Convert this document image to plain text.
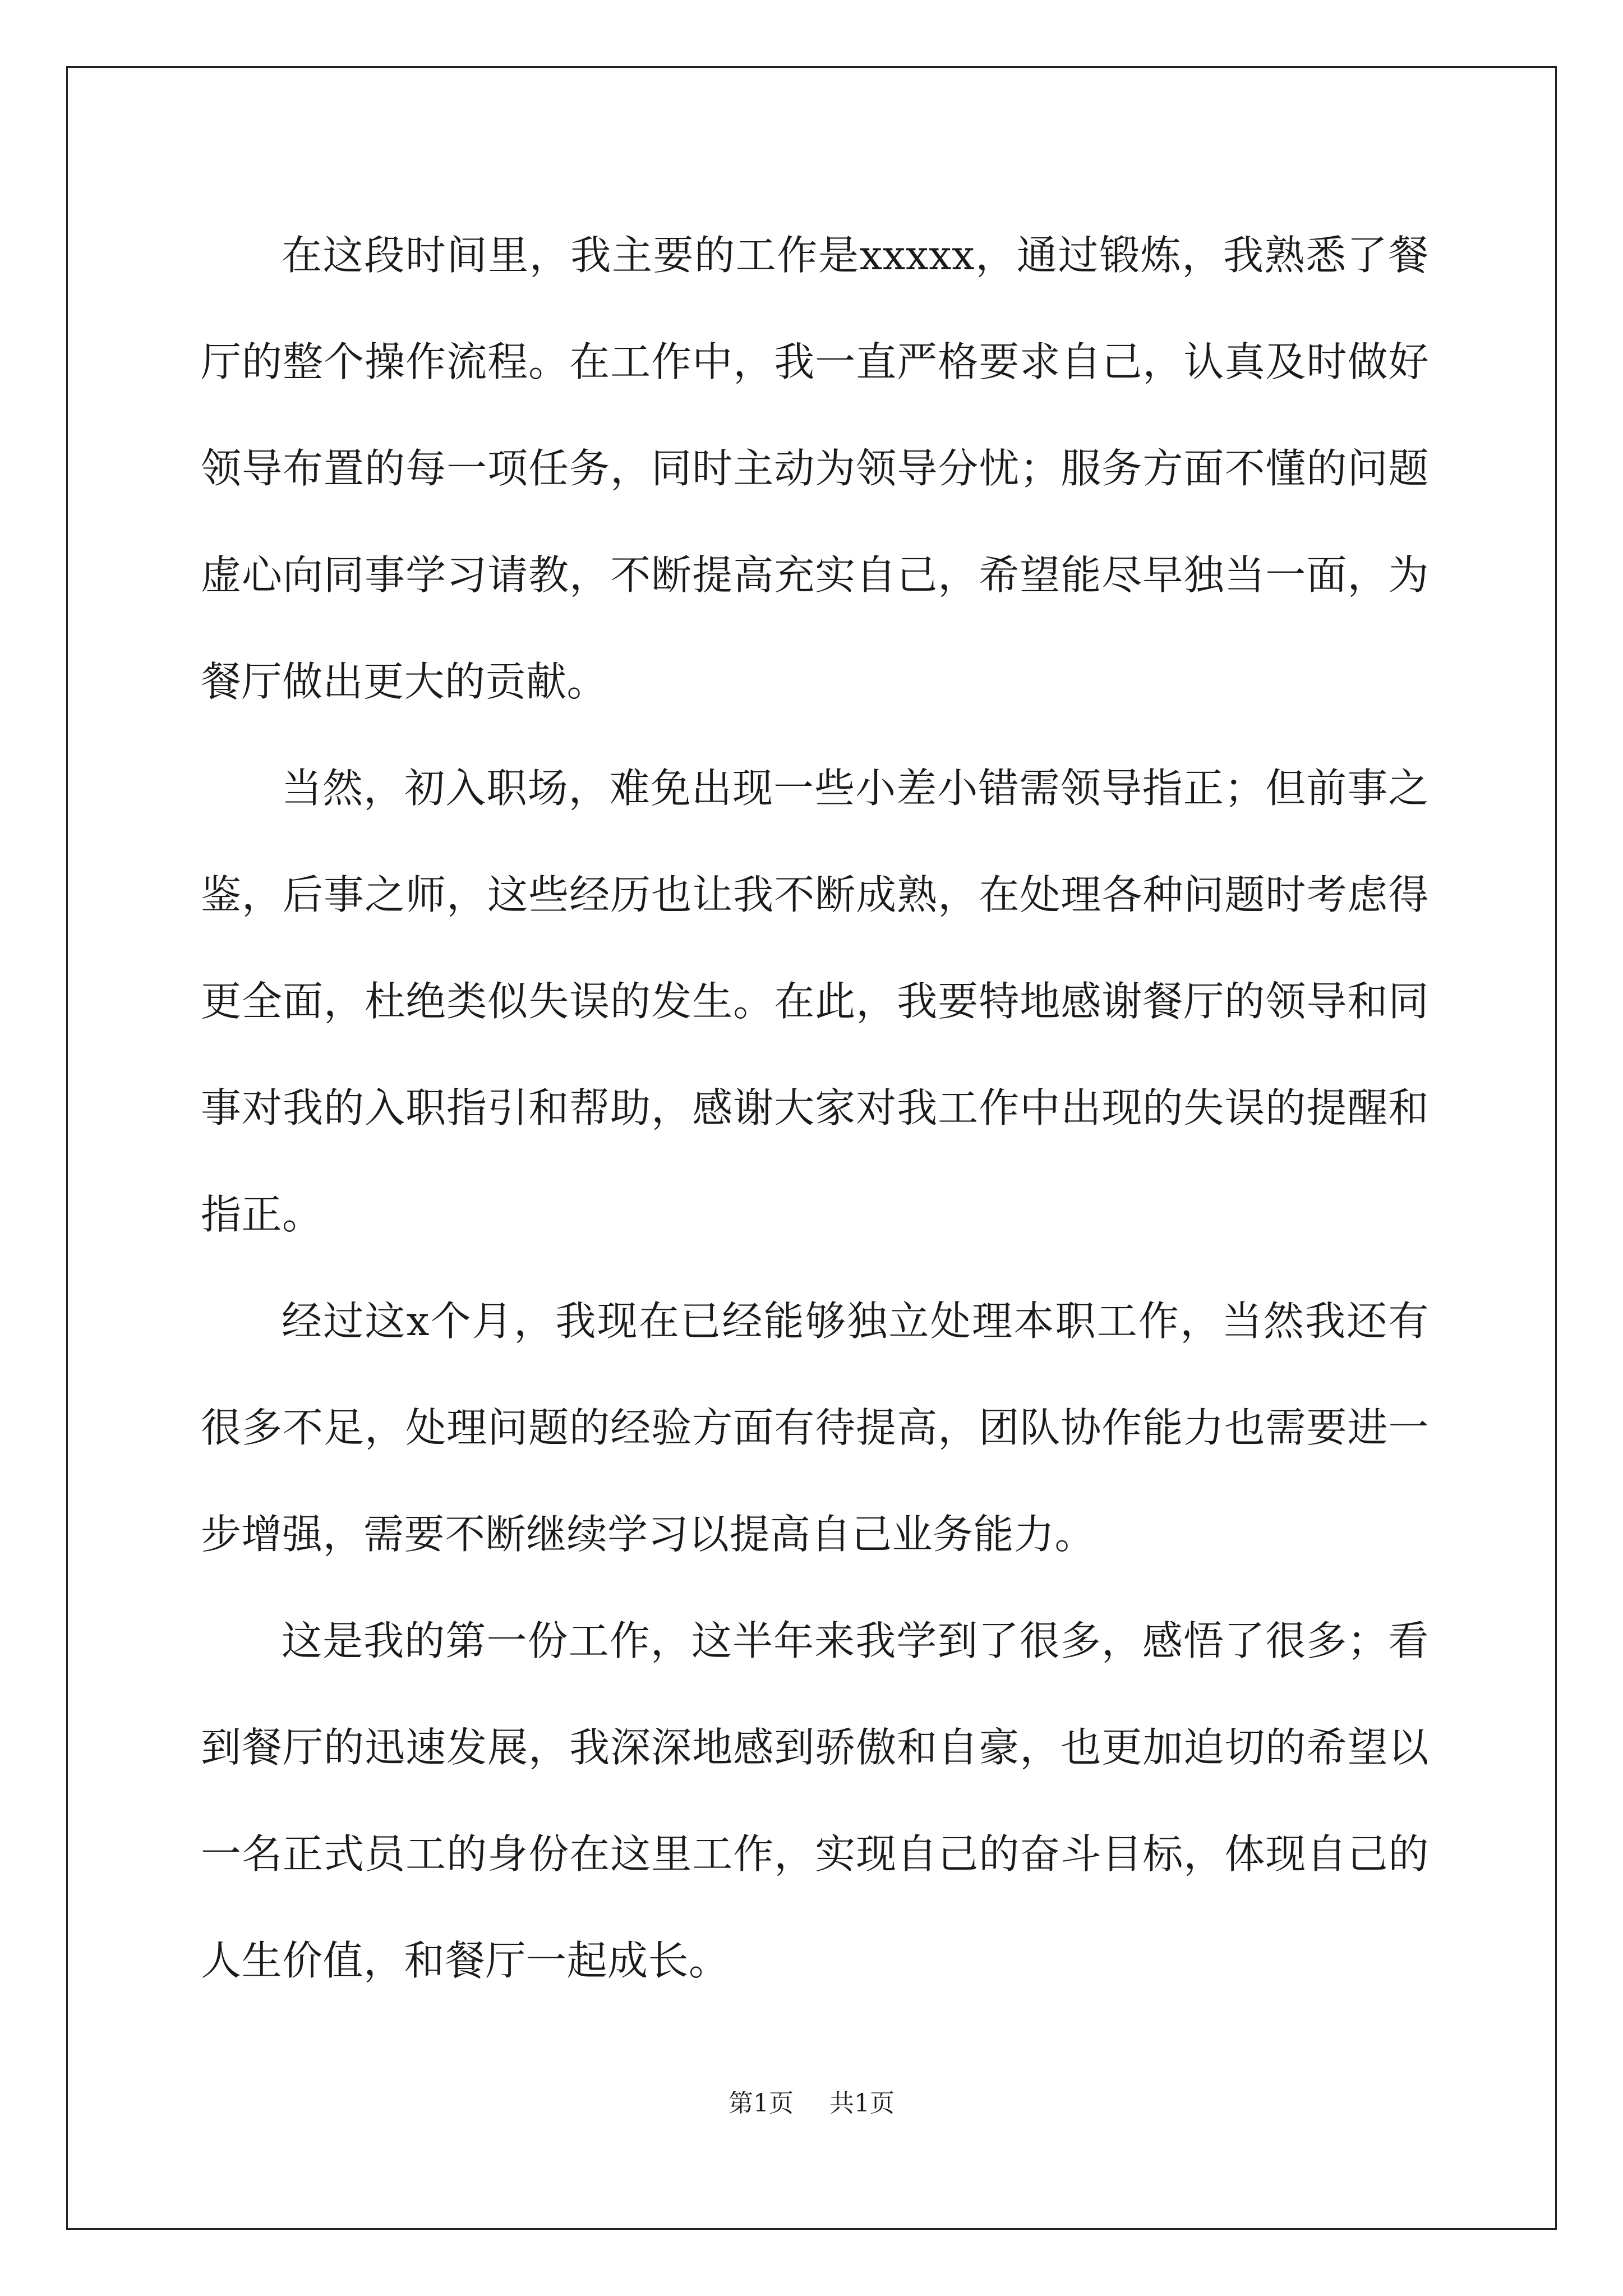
在这段时间里，我主要的工作是xxxxx，通过锻炼，我熟悉了餐厅的整个操作流程。在工作中，我一直严格要求自己，认真及时做好领导布置的每一项任务，同时主动为领导分忧；服务方面不懂的问题虚心向同事学习请教，不断提高充实自己，希望能尽早独当一面，为餐厅做出更大的贡献。

当然，初入职场，难免出现一些小差小错需领导指正；但前事之鉴，后事之师，这些经历也让我不断成熟，在处理各种问题时考虑得更全面，杜绝类似失误的发生。在此，我要特地感谢餐厅的领导和同事对我的入职指引和帮助，感谢大家对我工作中出现的失误的提醒和指正。

经过这x个月，我现在已经能够独立处理本职工作，当然我还有很多不足，处理问题的经验方面有待提高，团队协作能力也需要进一步增强，需要不断继续学习以提高自己业务能力。

这是我的第一份工作，这半年来我学到了很多，感悟了很多；看到餐厅的迅速发展，我深深地感到骄傲和自豪，也更加迫切的希望以一名正式员工的身份在这里工作，实现自己的奋斗目标，体现自己的人生价值，和餐厅一起成长。

第1页 共1页
